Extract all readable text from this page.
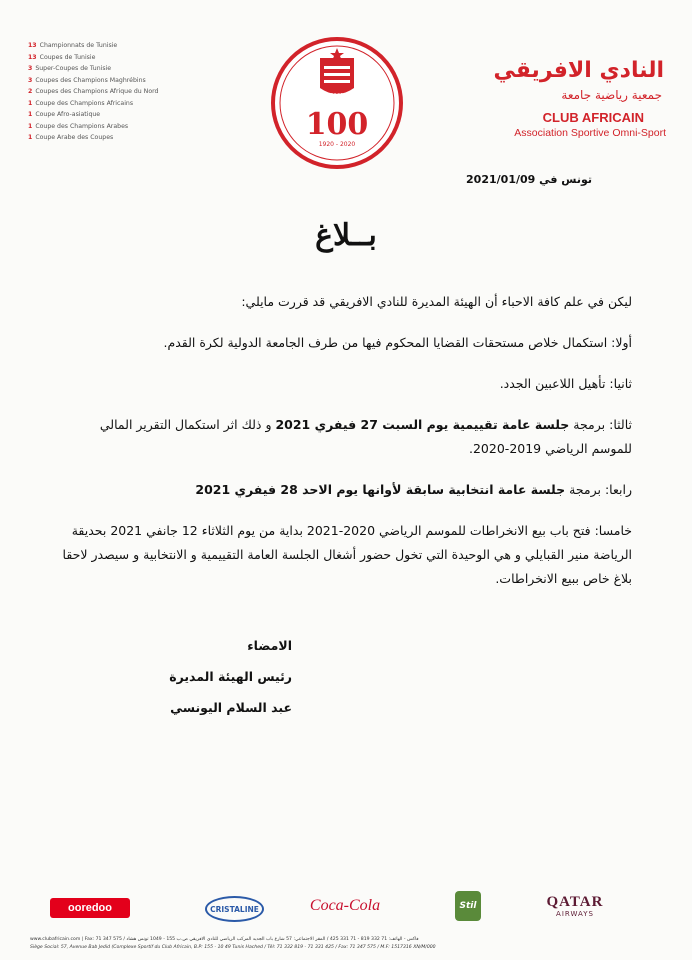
13 Championnats de Tunisie
13 Coupes de Tunisie
3 Super-Coupes de Tunisie
3 Coupes des Champions Maghrébins
2 Coupes des Champions Afrique du Nord
1 Coupe des Champions Africains
1 Coupe Afro-asiatique
1 Coupe des Champions Arabes
1 Coupe Arabe des Coupes
1920
100
1920 - 2020
النادي الافريقي
جمعية رياضية جامعة
CLUB AFRICAIN
Association Sportive Omni-Sport
تونس في 2021/01/09
بــلاغ

ليكن في علم كافة الاحباء أن الهيئة المديرة للنادي الافريقي قد قررت مايلي:

أولا: استكمال خلاص مستحقات القضايا المحكوم فيها من طرف الجامعة الدولية لكرة القدم.

ثانيا: تأهيل اللاعبين الجدد.

ثالثا: برمجة جلسة عامة تقييمية يوم السبت 27 فيفري 2021 و ذلك اثر استكمال التقرير المالي للموسم الرياضي 2019-2020.

رابعا: برمجة جلسة عامة انتخابية سابقة لأوانها يوم الاحد 28 فيفري 2021

خامسا: فتح باب بيع الانخراطات للموسم الرياضي 2020-2021 بداية من يوم الثلاثاء 12 جانفي 2021 بحديقة الرياضة منير القبايلي و هي الوحيدة التي تخول حضور أشغال الجلسة العامة التقييمية و الانتخابية و سيصدر لاحقا بلاغ خاص ببيع الانخراطات.

الامضاء
رئيس الهيئة المديرة
عبد السلام اليونسي
ooredoo	CRISTALINE	Coca-Cola	Stil	QATAR
AIRWAYS
www.clubafricain.com | Fax: 71 347 575 / فاكس - الهاتف: 71 332 819 - 71 331 425 / المقر الاجتماعي: 57 شارع باب الجديد المركب الرياضي للنادي الافريقي ص.ب 155 - 1049 تونس هشاد
Siège Social: 57, Avenue Bab Jedid (Complexe Sportif du Club Africain, B.P: 155 - 10 49 Tunis Hached / Tél: 71 332 819 - 71 331 425 / Fax: 71 347 575 / M.F: 1517316 XN/M/000
